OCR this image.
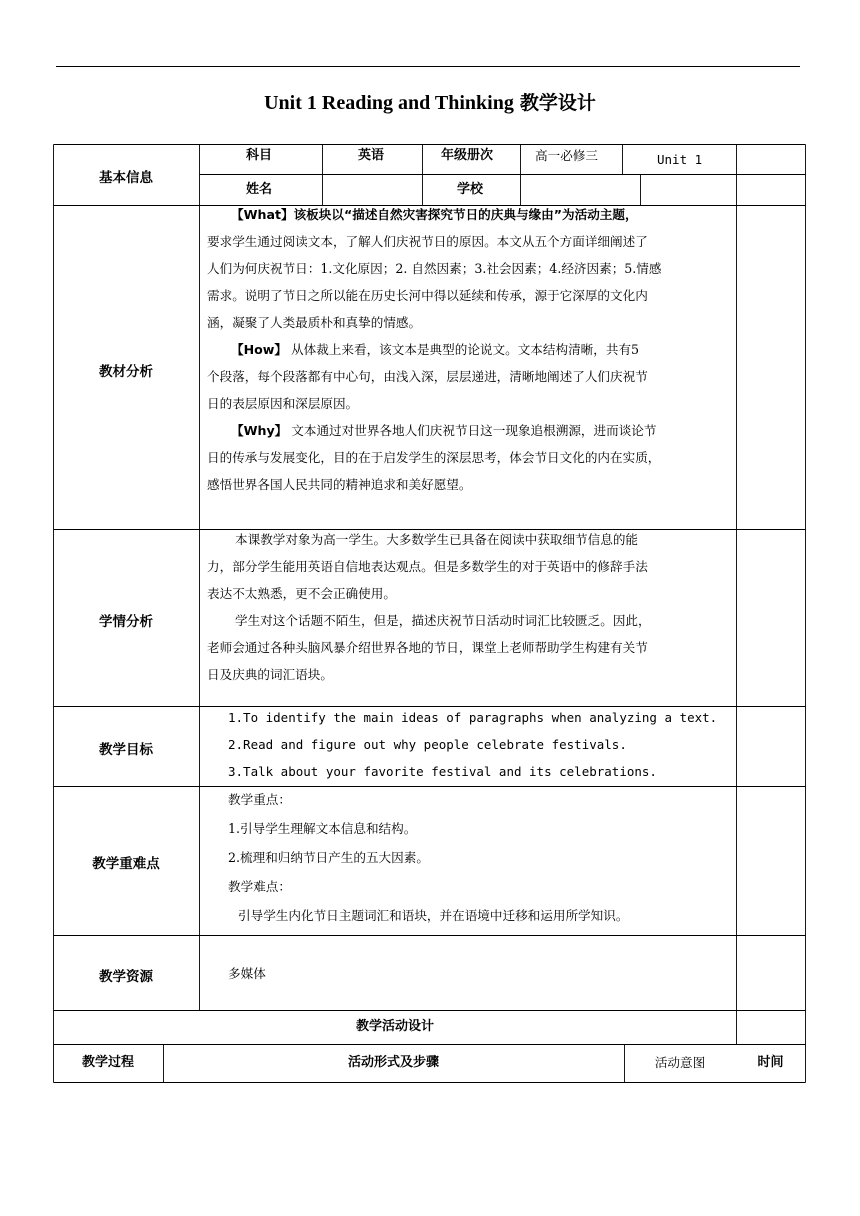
Unit 1 Reading and Thinking 教学设计
基本信息
科目	英语	年级册次	高一必修三	Unit 1
姓名	学校
教材分析
【What】该板块以“描述自然灾害探究节日的庆典与缘由”为活动主题，
要求学生通过阅读文本，了解人们庆祝节日的原因。本文从五个方面详细阐述了
人们为何庆祝节日：1.文化原因；2. 自然因素；3.社会因素；4.经济因素；5.情感
需求。说明了节日之所以能在历史长河中得以延续和传承，源于它深厚的文化内
涵，凝聚了人类最质朴和真挚的情感。
【How】 从体裁上来看，该文本是典型的论说文。文本结构清晰，共有5
个段落，每个段落都有中心句，由浅入深，层层递进，清晰地阐述了人们庆祝节
日的表层原因和深层原因。
【Why】 文本通过对世界各地人们庆祝节日这一现象追根溯源，进而谈论节
日的传承与发展变化，目的在于启发学生的深层思考，体会节日文化的内在实质，
感悟世界各国人民共同的精神追求和美好愿望。
学情分析
本课教学对象为高一学生。大多数学生已具备在阅读中获取细节信息的能
力，部分学生能用英语自信地表达观点。但是多数学生的对于英语中的修辞手法
表达不太熟悉，更不会正确使用。
学生对这个话题不陌生，但是，描述庆祝节日活动时词汇比较匮乏。因此，
老师会通过各种头脑风暴介绍世界各地的节日，课堂上老师帮助学生构建有关节
日及庆典的词汇语块。
教学目标
1.To identify the main ideas of paragraphs when analyzing a text.
2.Read and figure out why people celebrate festivals.
3.Talk about your favorite festival and its celebrations.
教学重难点
教学重点：
1.引导学生理解文本信息和结构。
2.梳理和归纳节日产生的五大因素。
教学难点：
引导学生内化节日主题词汇和语块，并在语境中迁移和运用所学知识。
教学资源	多媒体
教学活动设计
教学过程	活动形式及步骤	活动意图	时间
